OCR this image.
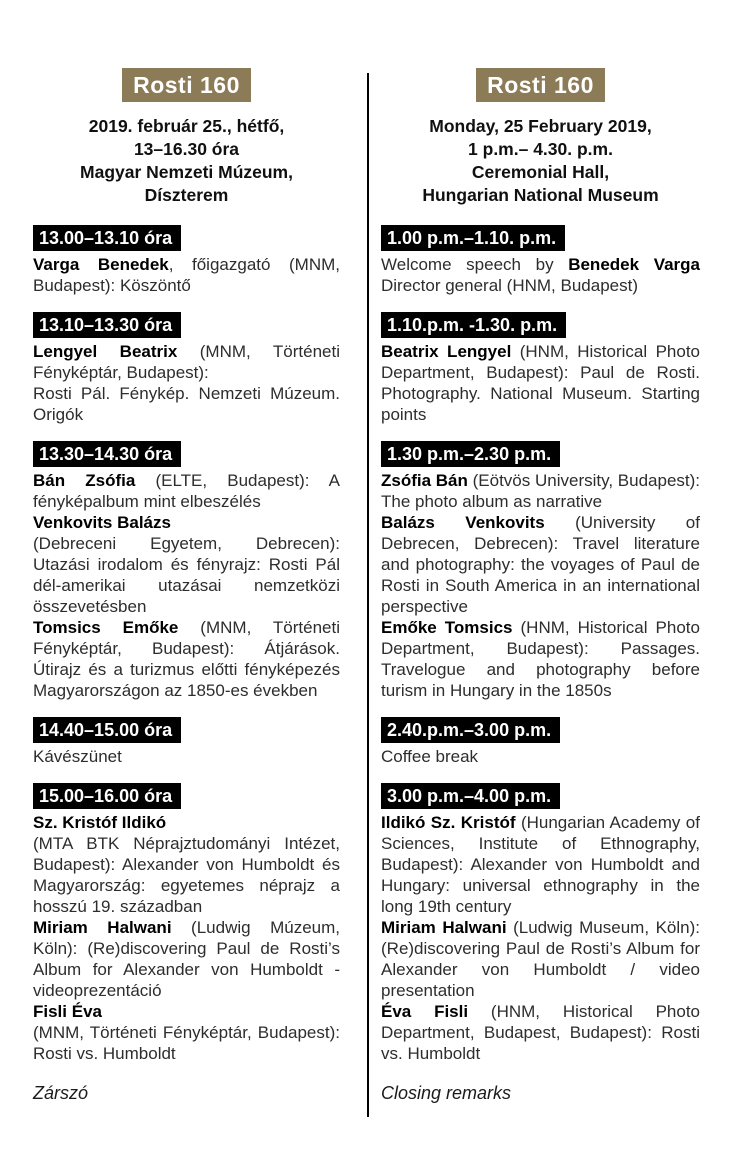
Rosti 160
2019. február 25., hétfő,
13–16.30 óra
Magyar Nemzeti Múzeum,
Díszterem
13.00–13.10 óra

Varga Benedek, főigazgató (MNM, Budapest): Köszöntő

13.10–13.30 óra

Lengyel Beatrix (MNM, Történeti Fényképtár, Budapest):

Rosti Pál. Fénykép. Nemzeti Múzeum. Origók

13.30–14.30 óra

Bán Zsófia (ELTE, Budapest): A fényképalbum mint elbeszélés

Venkovits Balázs

(Debreceni Egyetem, Debrecen): Utazási irodalom és fényrajz: Rosti Pál dél-amerikai utazásai nemzetközi összevetésben

Tomsics Emőke (MNM, Történeti Fényképtár, Budapest): Átjárások. Útirajz és a turizmus előtti fényképezés Magyarországon az 1850-es években

14.40–15.00 óra

Kávészünet

15.00–16.00 óra

Sz. Kristóf Ildikó

(MTA BTK Néprajztudományi Intézet, Budapest): Alexander von Humboldt és Magyarország: egyetemes néprajz a hosszú 19. században

Miriam Halwani (Ludwig Múzeum, Köln): (Re)discovering Paul de Rosti’s Album for Alexander von Humboldt - videoprezentáció

Fisli Éva

(MNM, Történeti Fényképtár, Budapest): Rosti vs. Humboldt

Zárszó
Rosti 160
Monday, 25 February 2019,
1 p.m.– 4.30. p.m.
Ceremonial Hall,
Hungarian National Museum
1.00 p.m.–1.10. p.m.

Welcome speech by Benedek Varga Director general (HNM, Budapest)

1.10.p.m. -1.30. p.m.

Beatrix Lengyel (HNM, Historical Photo Department, Budapest): Paul de Rosti. Photography. National Museum. Starting points

1.30 p.m.–2.30 p.m.

Zsófia Bán (Eötvös University, Budapest): The photo album as narrative

Balázs Venkovits (University of Debrecen, Debrecen): Travel literature and photography: the voyages of Paul de Rosti in South America in an international perspective

Emőke Tomsics (HNM, Historical Photo Department, Budapest): Passages. Travelogue and photography before turism in Hungary in the 1850s

2.40.p.m.–3.00 p.m.

Coffee break

3.00 p.m.–4.00 p.m.

Ildikó Sz. Kristóf (Hungarian Academy of Sciences, Institute of Ethnography, Budapest): Alexander von Humboldt and Hungary: universal ethnography in the long 19th century

Miriam Halwani (Ludwig Museum, Köln): (Re)discovering Paul de Rosti’s Album for Alexander von Humboldt / video presentation

Éva Fisli (HNM, Historical Photo Department, Budapest, Budapest): Rosti vs. Humboldt

Closing remarks
